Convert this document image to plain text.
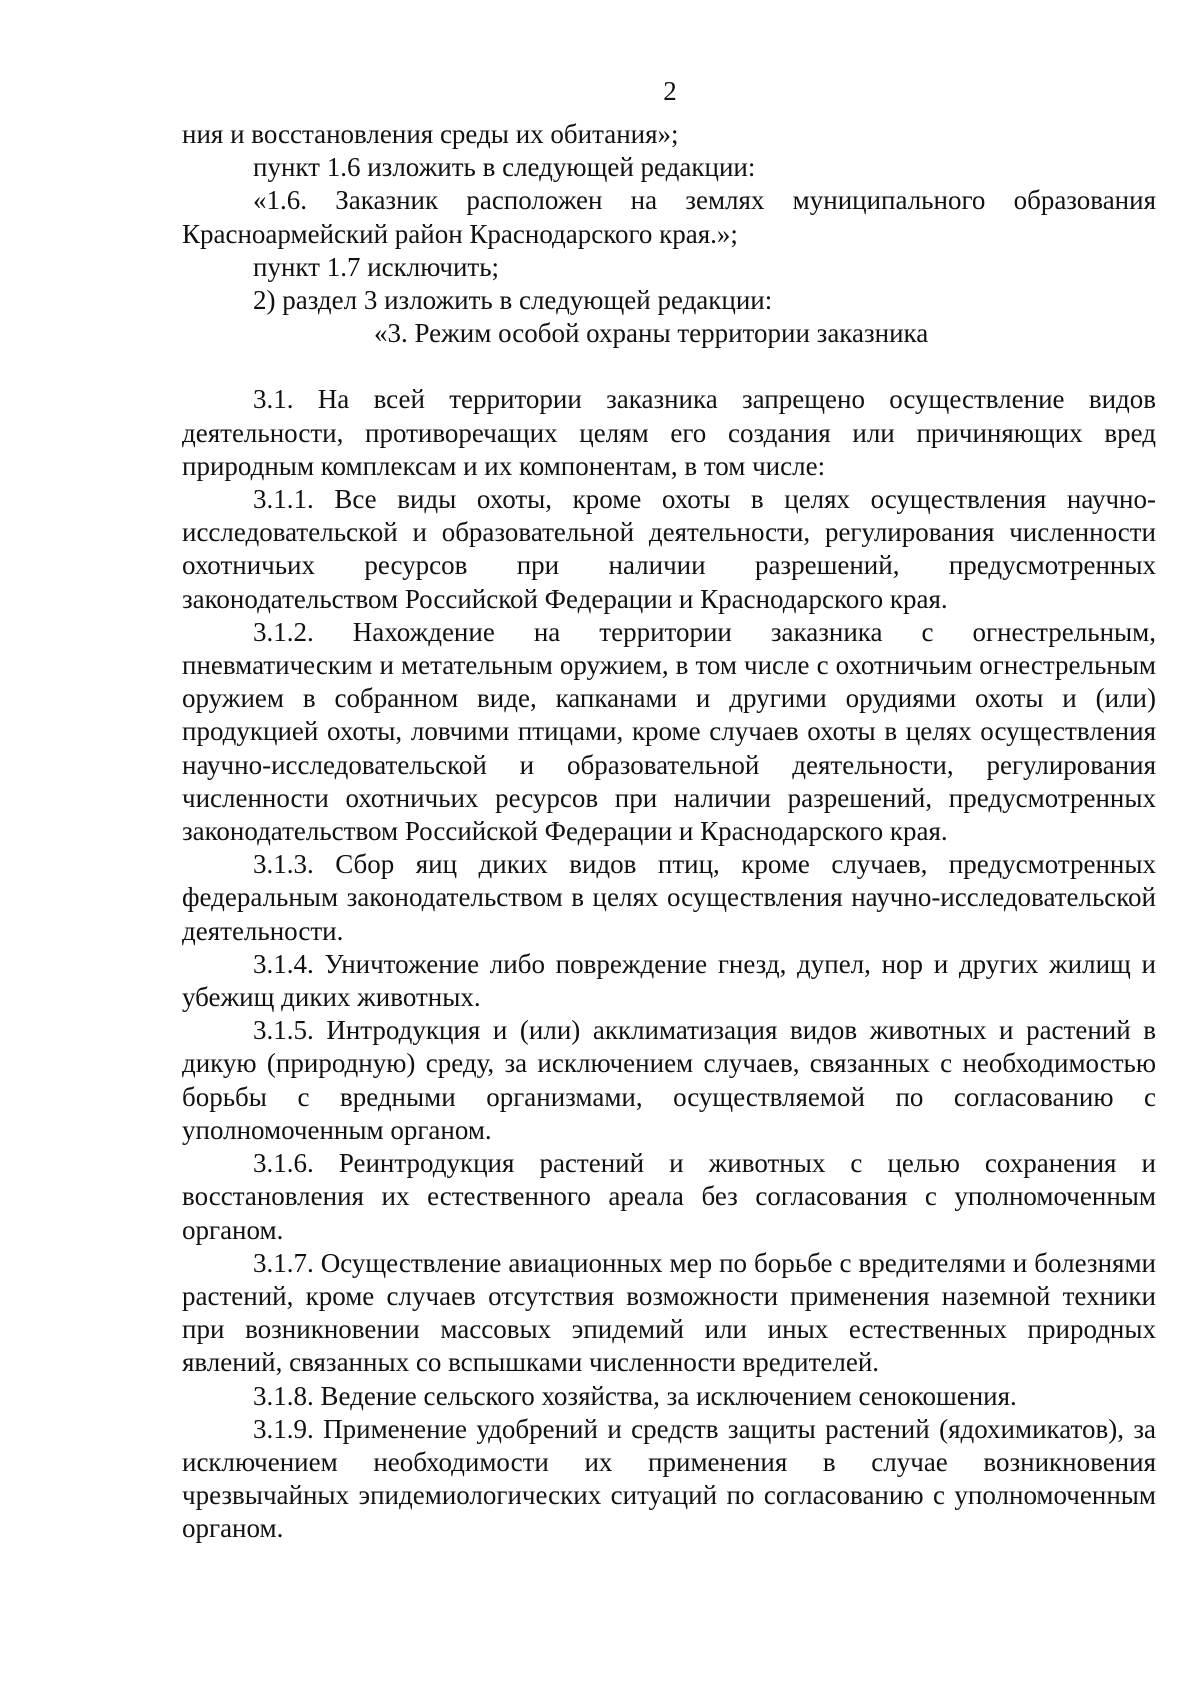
2

ния и восстановления среды их обитания»;

пункт 1.6 изложить в следующей редакции:

«1.6. Заказник расположен на землях муниципального образования Красноармейский район Краснодарского края.»;

пункт 1.7 исключить;

2) раздел 3 изложить в следующей редакции:

«3. Режим особой охраны территории заказника

3.1. На всей территории заказника запрещено осуществление видов деятельности, противоречащих целям его создания или причиняющих вред природным комплексам и их компонентам, в том числе:

3.1.1. Все виды охоты, кроме охоты в целях осуществления научно-исследовательской и образовательной деятельности, регулирования численности охотничьих ресурсов при наличии разрешений, предусмотренных законодательством Российской Федерации и Краснодарского края.

3.1.2. Нахождение на территории заказника с огнестрельным, пневматическим и метательным оружием, в том числе с охотничьим огнестрельным оружием в собранном виде, капканами и другими орудиями охоты и (или) продукцией охоты, ловчими птицами, кроме случаев охоты в целях осуществления научно-исследовательской и образовательной деятельности, регулирования численности охотничьих ресурсов при наличии разрешений, предусмотренных законодательством Российской Федерации и Краснодарского края.

3.1.3. Сбор яиц диких видов птиц, кроме случаев, предусмотренных федеральным законодательством в целях осуществления научно-исследовательской деятельности.

3.1.4. Уничтожение либо повреждение гнезд, дупел, нор и других жилищ и убежищ диких животных.

3.1.5. Интродукция и (или) акклиматизация видов животных и растений в дикую (природную) среду, за исключением случаев, связанных с необходимостью борьбы с вредными организмами, осуществляемой по согласованию с уполномоченным органом.

3.1.6. Реинтродукция растений и животных с целью сохранения и восстановления их естественного ареала без согласования с уполномоченным органом.

3.1.7. Осуществление авиационных мер по борьбе с вредителями и болезнями растений, кроме случаев отсутствия возможности применения наземной техники при возникновении массовых эпидемий или иных естественных природных явлений, связанных со вспышками численности вредителей.

3.1.8. Ведение сельского хозяйства, за исключением сенокошения.

3.1.9. Применение удобрений и средств защиты растений (ядохимикатов), за исключением необходимости их применения в случае возникновения чрезвычайных эпидемиологических ситуаций по согласованию с уполномоченным органом.
